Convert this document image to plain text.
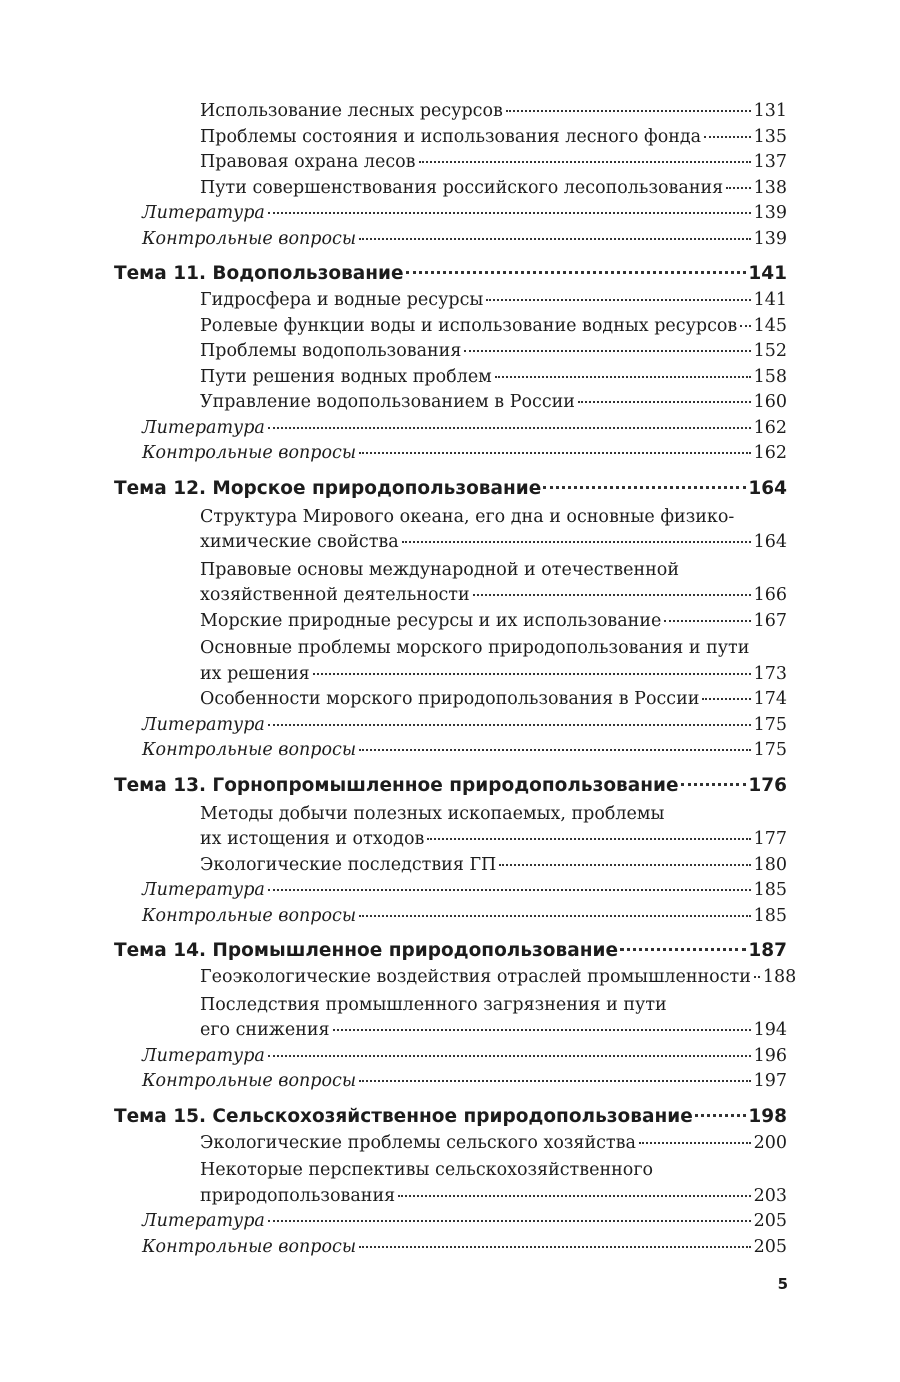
Использование лесных ресурсов	131
Проблемы состояния и использования лесного фонда	135
Правовая охрана лесов	137
Пути совершенствования российского лесопользования 138
Литература	139
Контрольные вопросы	139
Тема 11. Водопользование	141
Гидросфера и водные ресурсы	141
Ролевые функции воды и использование водных ресурсов 145
Проблемы водопользования	152
Пути решения водных проблем	158
Управление водопользованием в России	160
Литература	162
Контрольные вопросы	162
Тема 12. Морское природопользование	164
Структура Мирового океана, его дна и основные физико-
химические свойства	164
Правовые основы международной и отечественной
хозяйственной деятельности	166
Морские природные ресурсы и их использование	167
Основные проблемы морского природопользования и пути
их решения	173
Особенности морского природопользования в России	174
Литература	175
Контрольные вопросы	175
Тема 13. Горнопромышленное природопользование	176
Методы добычи полезных ископаемых, проблемы
их истощения и отходов	177
Экологические последствия ГП	180
Литература	185
Контрольные вопросы	185
Тема 14. Промышленное природопользование	187
Геоэкологические воздействия отраслей промышленности 188
Последствия промышленного загрязнения и пути
его снижения	194
Литература	196
Контрольные вопросы	197
Тема 15. Сельскохозяйственное природопользование	198
Экологические проблемы сельского хозяйства	200
Некоторые перспективы сельскохозяйственного
природопользования	203
Литература	205
Контрольные вопросы	205
5
